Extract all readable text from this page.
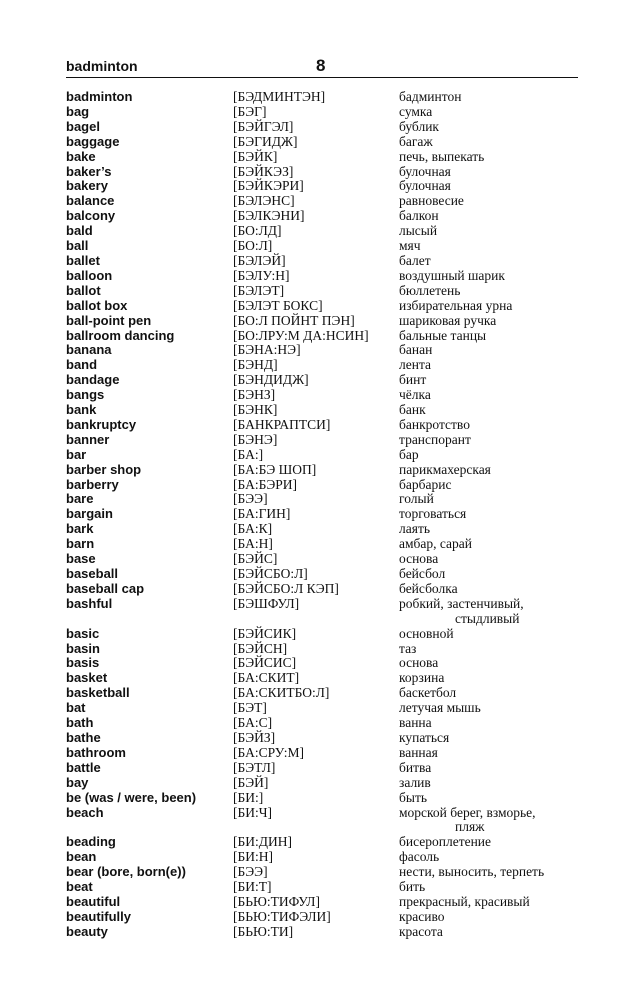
badminton	8
badminton	[БЭДМИНТЭН]	бадминтон
bag	[БЭГ]	сумка
bagel	[БЭЙГЭЛ]	бублик
baggage	[БЭГИДЖ]	багаж
bake	[БЭЙК]	печь, выпекать
baker’s	[БЭЙКЭЗ]	булочная
bakery	[БЭЙКЭРИ]	булочная
balance	[БЭЛЭНС]	равновесие
balcony	[БЭЛКЭНИ]	балкон
bald	[БО:ЛД]	лысый
ball	[БО:Л]	мяч
ballet	[БЭЛЭЙ]	балет
balloon	[БЭЛУ:Н]	воздушный шарик
ballot	[БЭЛЭТ]	бюллетень
ballot box	[БЭЛЭТ БОКС]	избирательная урна
ball-point pen	[БО:Л ПОЙНТ ПЭН]	шариковая ручка
ballroom dancing	[БО:ЛРУ:М ДА:НСИН] бальные танцы
banana	[БЭНА:НЭ]	банан
band	[БЭНД]	лента
bandage	[БЭНДИДЖ]	бинт
bangs	[БЭНЗ]	чёлка
bank	[БЭНК]	банк
bankruptcy	[БАНКРАПТСИ]	банкротство
banner	[БЭНЭ]	транспорант
bar	[БА:]	бар
barber shop	[БА:БЭ ШОП]	парикмахерская
barberry	[БА:БЭРИ]	барбарис
bare	[БЭЭ]	голый
bargain	[БА:ГИН]	торговаться
bark	[БА:К]	лаять
barn	[БА:Н]	амбар, сарай
base	[БЭЙС]	основа
baseball	[БЭЙСБО:Л]	бейсбол
baseball cap	[БЭЙСБО:Л КЭП]	бейсболка
bashful	[БЭШФУЛ]	робкий, застенчивый,
стыдливый
basic	[БЭЙСИК]	основной
basin	[БЭЙСН]	таз
basis	[БЭЙСИС]	основа
basket	[БА:СКИТ]	корзина
basketball	[БА:СКИТБО:Л]	баскетбол
bat	[БЭТ]	летучая мышь
bath	[БА:С]	ванна
bathe	[БЭЙЗ]	купаться
bathroom	[БА:СРУ:М]	ванная
battle	[БЭТЛ]	битва
bay	[БЭЙ]	залив
be (was / were, been)	[БИ:]	быть
beach	[БИ:Ч]	морской берег, взморье,
пляж
beading	[БИ:ДИН]	бисероплетение
bean	[БИ:Н]	фасоль
bear (bore, born(e))	[БЭЭ]	нести, выносить, терпеть
beat	[БИ:Т]	бить
beautiful	[БЬЮ:ТИФУЛ]	прекрасный, красивый
beautifully	[БЬЮ:ТИФЭЛИ]	красиво
beauty	[БЬЮ:ТИ]	красота
